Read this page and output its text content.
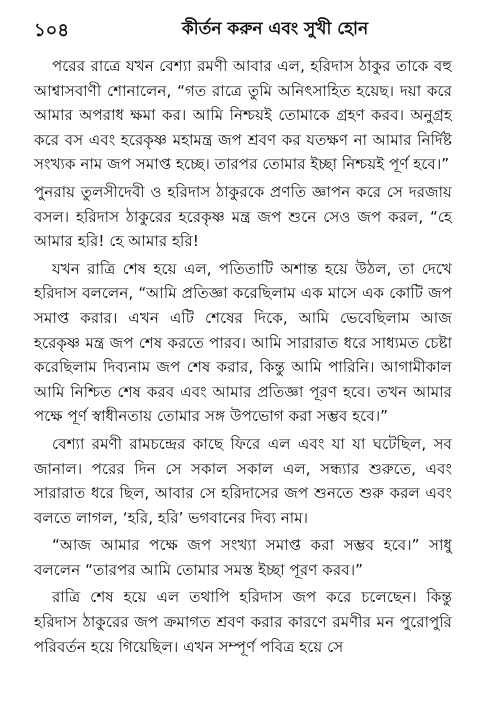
১০৪	কীর্তন করুন এবং সুখী হোন

পরের রাত্রে যখন বেশ্যা রমণী আবার এল, হরিদাস ঠাকুর তাকে বহু আশ্বাসবাণী শোনালেন, “গত রাত্রে তুমি অনিৎসাহিত হয়েছ। দয়া করে আমার অপরাধ ক্ষমা কর। আমি নিশ্চয়ই তোমাকে গ্রহণ করব। অনুগ্রহ করে বস এবং হরেকৃষ্ণ মহামন্ত্র জপ শ্রবণ কর যতক্ষণ না আমার নির্দিষ্ট সংখ্যক নাম জপ সমাপ্ত হচ্ছে। তারপর তোমার ইচ্ছা নিশ্চয়ই পূর্ণ হবে।”

পুনরায় তুলসীদেবী ও হরিদাস ঠাকুরকে প্রণতি জ্ঞাপন করে সে দরজায় বসল। হরিদাস ঠাকুরের হরেকৃষ্ণ মন্ত্র জপ শুনে সেও জপ করল, “হে আমার হরি! হে আমার হরি!

যখন রাত্রি শেষ হয়ে এল, পতিতাটি অশান্ত হয়ে উঠল, তা দেখে হরিদাস বললেন, “আমি প্রতিজ্ঞা করেছিলাম এক মাসে এক কোটি জপ সমাপ্ত করার। এখন এটি শেষের দিকে, আমি ভেবেছিলাম আজ হরেকৃষ্ণ মন্ত্র জপ শেষ করতে পারব। আমি সারারাত ধরে সাধ্যমত চেষ্টা করেছিলাম দিব্যনাম জপ শেষ করার, কিন্তু আমি পারিনি। আগামীকাল আমি নিশ্চিত শেষ করব এবং আমার প্রতিজ্ঞা পূরণ হবে। তখন আমার পক্ষে পূর্ণ স্বাধীনতায় তোমার সঙ্গ উপভোগ করা সম্ভব হবে।”

বেশ্যা রমণী রামচন্দ্রের কাছে ফিরে এল এবং যা যা ঘটেছিল, সব জানাল। পরের দিন সে সকাল সকাল এল, সন্ধ্যার শুরুতে, এবং সারারাত ধরে ছিল, আবার সে হরিদাসের জপ শুনতে শুরু করল এবং বলতে লাগল, ‘হরি, হরি’ ভগবানের দিব্য নাম।

“আজ আমার পক্ষে জপ সংখ্যা সমাপ্ত করা সম্ভব হবে।” সাধু বললেন “তারপর আমি তোমার সমস্ত ইচ্ছা পূরণ করব।”

রাত্রি শেষ হয়ে এল তথাপি হরিদাস জপ করে চলেছেন। কিন্তু হরিদাস ঠাকুরের জপ ক্রমাগত শ্রবণ করার কারণে রমণীর মন পুরোপুরি পরিবর্তন হয়ে গিয়েছিল। এখন সম্পূর্ণ পবিত্র হয়ে সে
